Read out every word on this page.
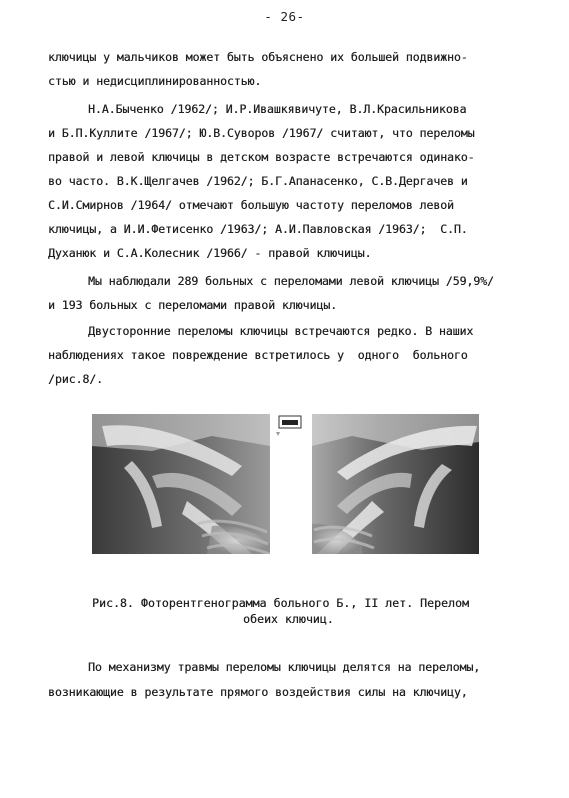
- 26-
ключицы у мальчиков может быть объяснено их большей подвижно-
стью и недисциплинированностью.
Н.А.Быченко /1962/; И.Р.Ивашкявичуте, В.Л.Красильникова
и Б.П.Куллите /1967/; Ю.В.Суворов /1967/ считают, что переломы
правой и левой ключицы в детском возрасте встречаются одинако-
во часто. В.К.Щелгачев /1962/; Б.Г.Апанасенко, С.В.Дергачев и
С.И.Смирнов /1964/ отмечают большую частоту переломов левой
ключицы, а И.И.Фетисенко /1963/; А.И.Павловская /1963/;  С.П.
Духанюк и С.А.Колесник /1966/ - правой ключицы.
Мы наблюдали 289 больных с переломами левой ключицы /59,9%/
и 193 больных с переломами правой ключицы.
Двусторонние переломы ключицы встречаются редко. В наших
наблюдениях такое повреждение встретилось у  одного  больного
/рис.8/.
Рис.8. Фоторентгенограмма больного Б., II лет. Перелом
обеих ключиц.
По механизму травмы переломы ключицы делятся на переломы,
возникающие в результате прямого воздействия силы на ключицу,
